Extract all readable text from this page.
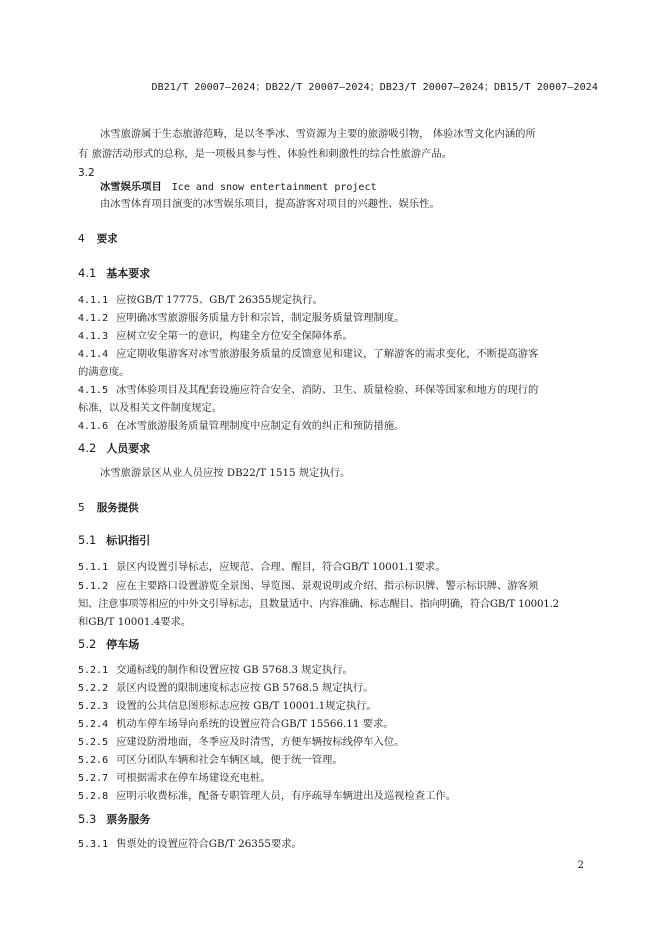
DB21/T 20007—2024；DB22/T 20007—2024；DB23/T 20007—2024；DB15/T 20007—2024
冰雪旅游属于生态旅游范畴，是以冬季冰、雪资源为主要的旅游吸引物， 体验冰雪文化内涵的所
有 旅游活动形式的总称，是一项极具参与性、体验性和刺激性的综合性旅游产品。
3.2
冰雪娱乐项目 Ice and snow entertainment project
由冰雪体育项目演变的冰雪娱乐项目，提高游客对项目的兴趣性、娱乐性。
4 要求
4.1 基本要求
4.1.1 应按GB/T 17775、GB/T 26355规定执行。
4.1.2 应明确冰雪旅游服务质量方针和宗旨，制定服务质量管理制度。
4.1.3 应树立安全第一的意识，构建全方位安全保障体系。
4.1.4 应定期收集游客对冰雪旅游服务质量的反馈意见和建议，了解游客的需求变化，不断提高游客
的满意度。
4.1.5 冰雪体验项目及其配套设施应符合安全、消防、卫生、质量检验、环保等国家和地方的现行的
标准，以及相关文件制度规定。
4.1.6 在冰雪旅游服务质量管理制度中应制定有效的纠正和预防措施。
4.2 人员要求
冰雪旅游景区从业人员应按 DB22/T 1515 规定执行。
5 服务提供
5.1 标识指引
5.1.1 景区内设置引导标志，应规范、合理、醒目，符合GB/T 10001.1要求。
5.1.2 应在主要路口设置游览全景图、导览图、景观说明或介绍、指示标识牌、警示标识牌、游客须
知、注意事项等相应的中外文引导标志，且数量适中、内容准确、标志醒目、指向明确，符合GB/T 10001.2
和GB/T 10001.4要求。
5.2 停车场
5.2.1 交通标线的制作和设置应按 GB 5768.3 规定执行。
5.2.2 景区内设置的限制速度标志应按 GB 5768.5 规定执行。
5.2.3 设置的公共信息图形标志应按 GB/T 10001.1规定执行。
5.2.4 机动车停车场导向系统的设置应符合GB/T 15566.11 要求。
5.2.5 应建设防滑地面，冬季应及时清雪，方便车辆按标线停车入位。
5.2.6 可区分团队车辆和社会车辆区域，便于统一管理。
5.2.7 可根据需求在停车场建设充电桩。
5.2.8 应明示收费标准，配备专职管理人员，有序疏导车辆进出及巡视检查工作。
5.3 票务服务
5.3.1 售票处的设置应符合GB/T 26355要求。
2
